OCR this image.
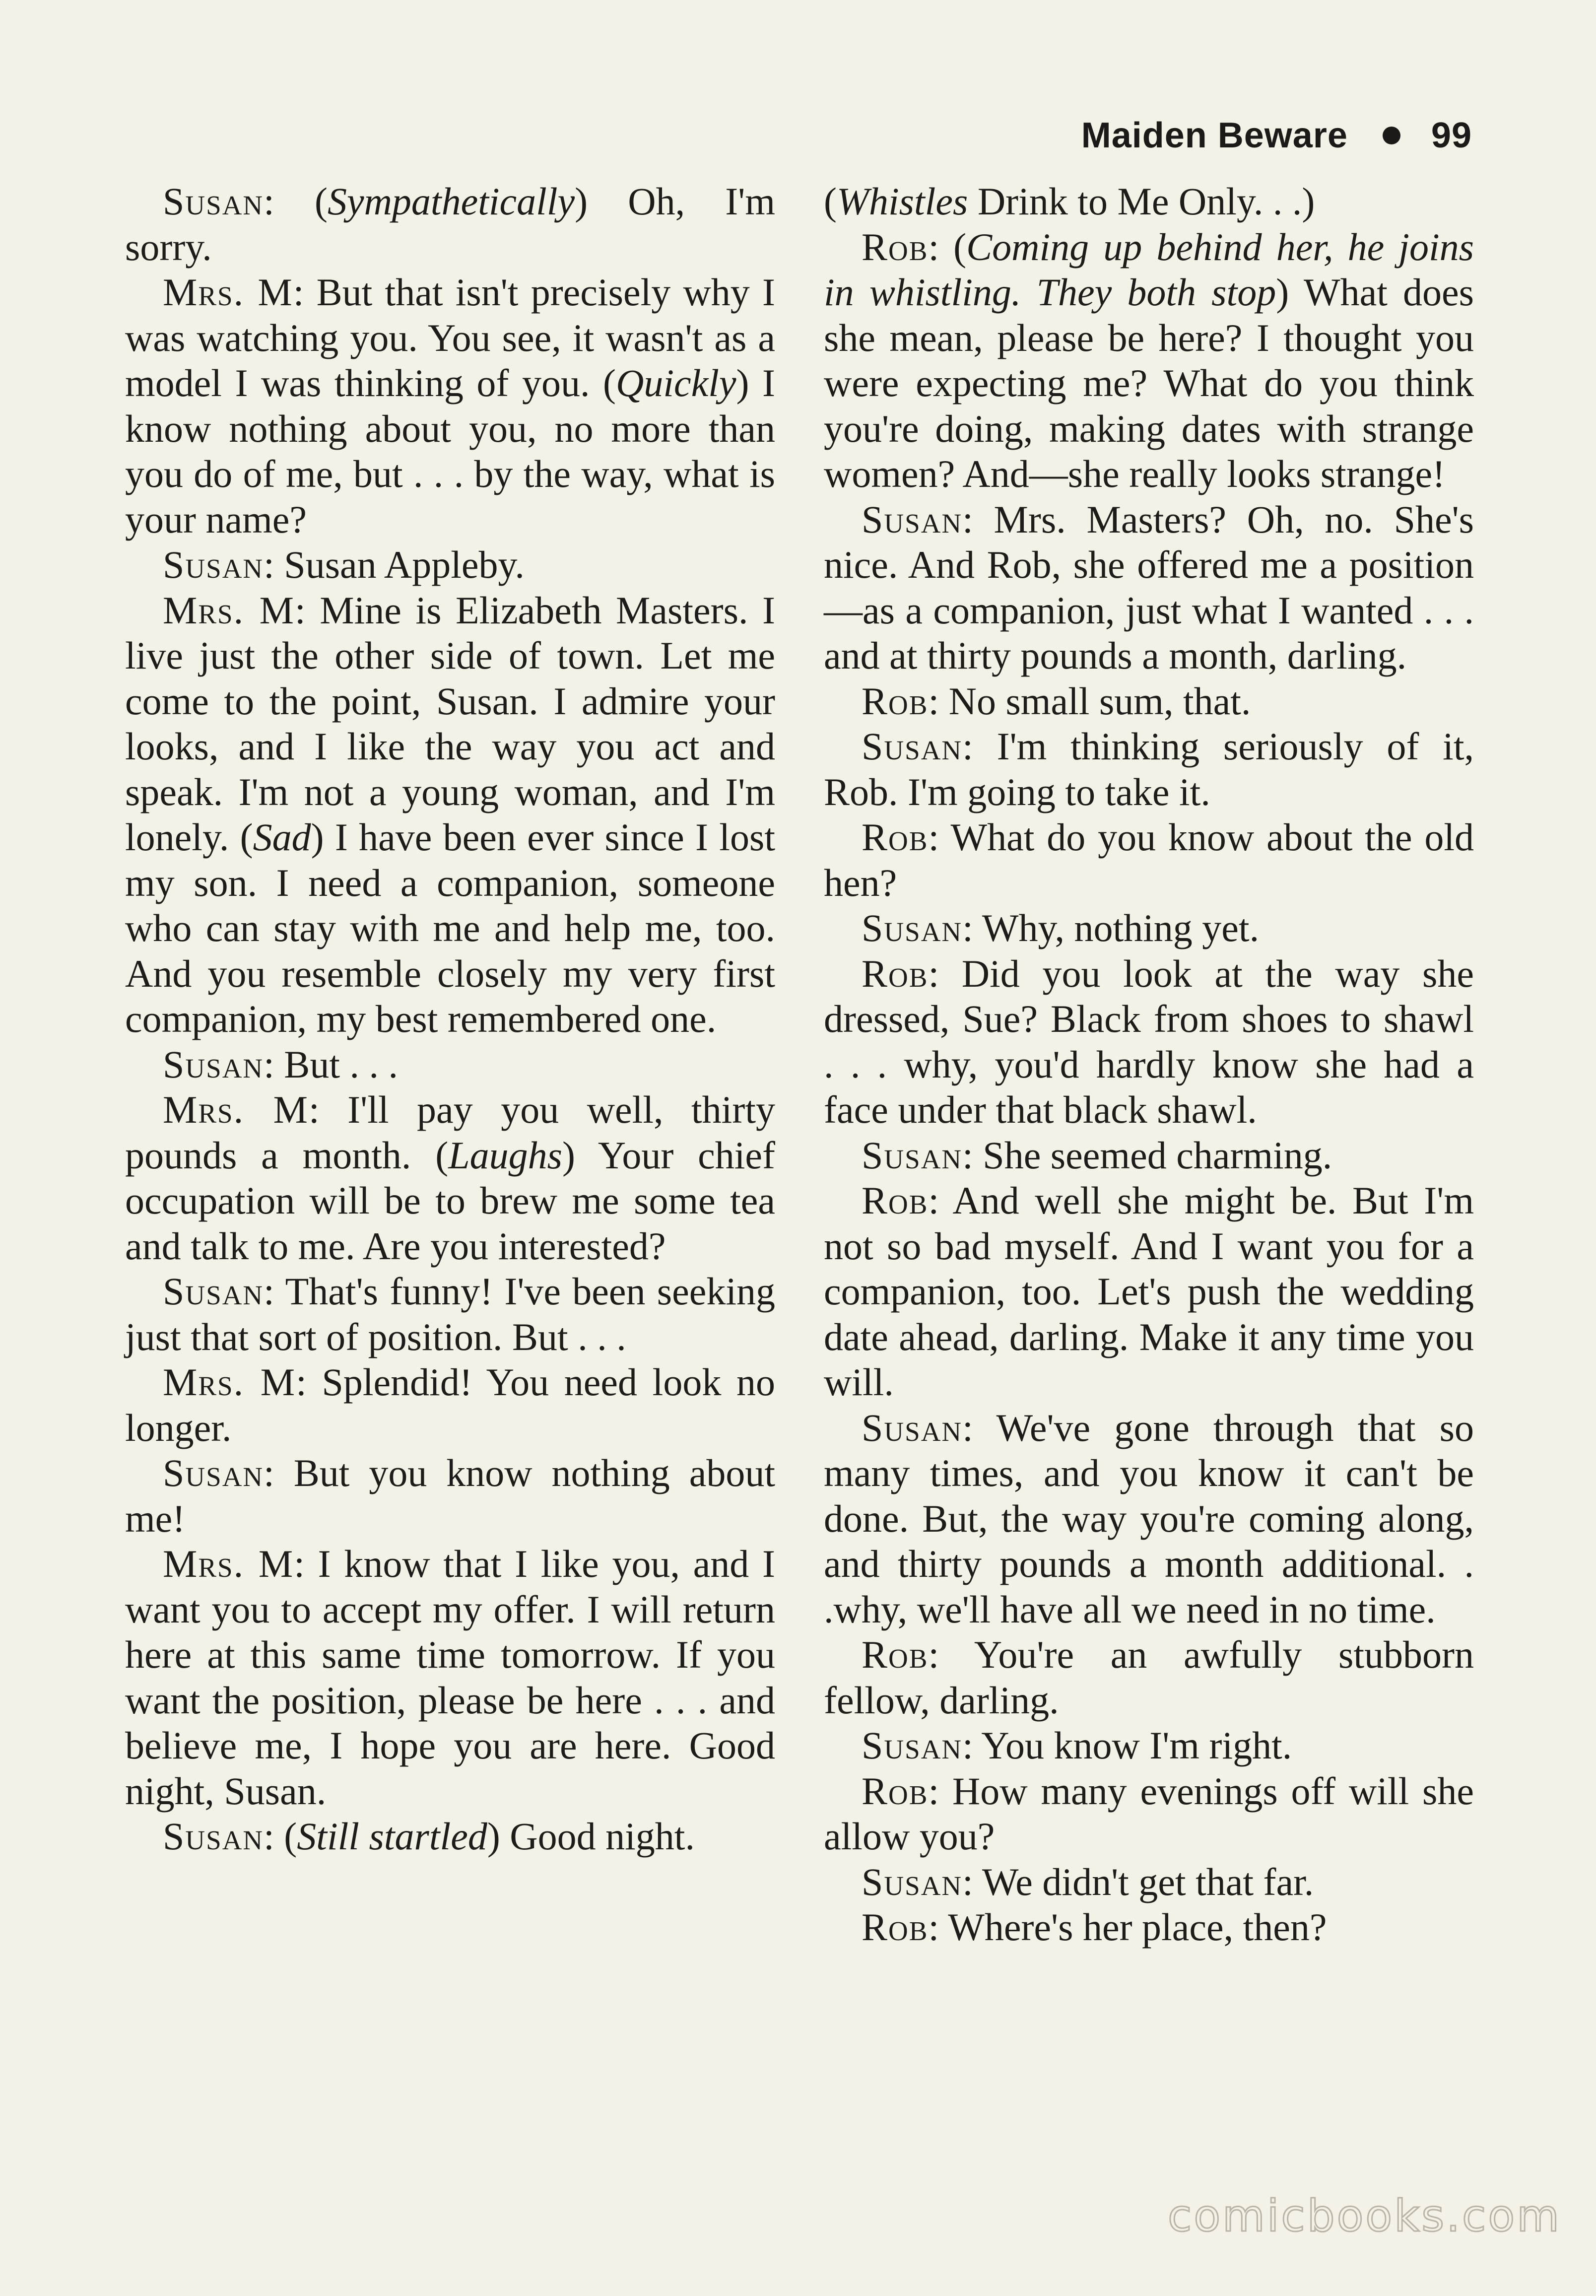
Maiden Beware 99

Susan: (Sympathetically) Oh, I'm sorry.

Mrs. M: But that isn't precisely why I was watching you. You see, it wasn't as a model I was thinking of you. (Quickly) I know nothing about you, no more than you do of me, but . . . by the way, what is your name?

Susan: Susan Appleby.

Mrs. M: Mine is Elizabeth Masters. I live just the other side of town. Let me come to the point, Susan. I admire your looks, and I like the way you act and speak. I'm not a young woman, and I'm lonely. (Sad) I have been ever since I lost my son. I need a companion, someone who can stay with me and help me, too. And you resemble closely my very first companion, my best remembered one.

Susan: But . . .

Mrs. M: I'll pay you well, thirty pounds a month. (Laughs) Your chief occupation will be to brew me some tea and talk to me. Are you interested?

Susan: That's funny! I've been seeking just that sort of position. But . . .

Mrs. M: Splendid! You need look no longer.

Susan: But you know nothing about me!

Mrs. M: I know that I like you, and I want you to accept my offer. I will return here at this same time tomorrow. If you want the position, please be here . . . and believe me, I hope you are here. Good night, Susan.

Susan: (Still startled) Good night.

(Whistles Drink to Me Only. . .)

Rob: (Coming up behind her, he joins in whistling. They both stop) What does she mean, please be here? I thought you were expecting me? What do you think you're doing, making dates with strange women? And—she really looks strange!

Susan: Mrs. Masters? Oh, no. She's nice. And Rob, she offered me a position—as a companion, just what I wanted . . . and at thirty pounds a month, darling.

Rob: No small sum, that.

Susan: I'm thinking seriously of it, Rob. I'm going to take it.

Rob: What do you know about the old hen?

Susan: Why, nothing yet.

Rob: Did you look at the way she dressed, Sue? Black from shoes to shawl . . . why, you'd hardly know she had a face under that black shawl.

Susan: She seemed charming.

Rob: And well she might be. But I'm not so bad myself. And I want you for a companion, too. Let's push the wedding date ahead, darling. Make it any time you will.

Susan: We've gone through that so many times, and you know it can't be done. But, the way you're coming along, and thirty pounds a month additional. . .why, we'll have all we need in no time.

Rob: You're an awfully stubborn fellow, darling.

Susan: You know I'm right.

Rob: How many evenings off will she allow you?

Susan: We didn't get that far.

Rob: Where's her place, then?

comicbooks.com
